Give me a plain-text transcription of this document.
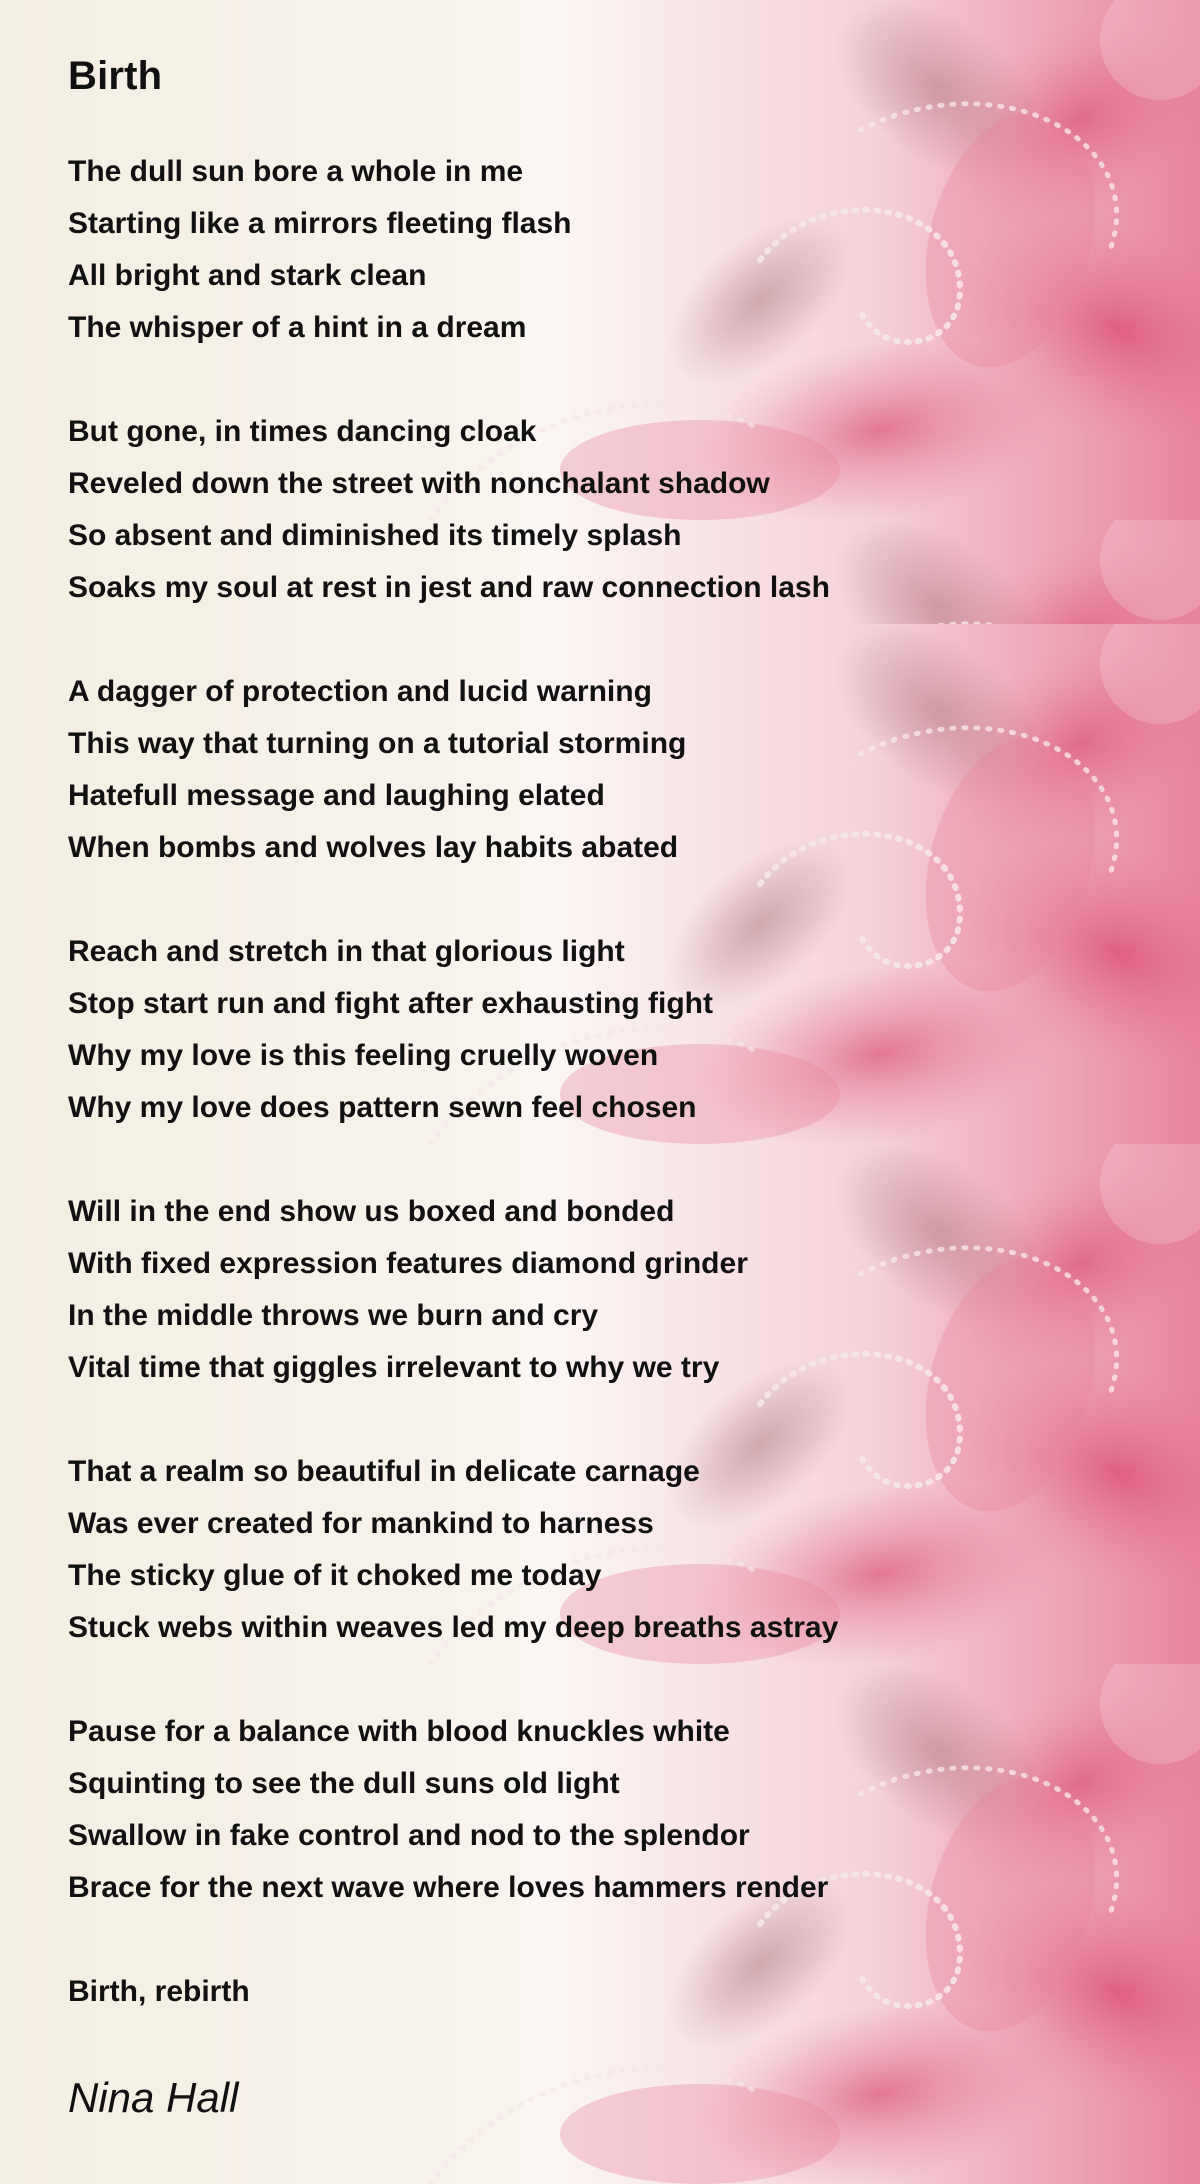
Birth
The dull sun bore a whole in me
Starting like a mirrors fleeting flash
All bright and stark clean
The whisper of a hint in a dream
But gone, in times dancing cloak
Reveled down the street with nonchalant shadow
So absent and diminished its timely splash
Soaks my soul at rest in jest and raw connection lash
A dagger of protection and lucid warning
This way that turning on a tutorial storming
Hatefull message and laughing elated
When bombs and wolves lay habits abated
Reach and stretch in that glorious light
Stop start run and fight after exhausting fight
Why my love is this feeling cruelly woven
Why my love does pattern sewn feel chosen
Will in the end show us boxed and bonded
With fixed expression features diamond grinder
In the middle throws we burn and cry
Vital time that giggles irrelevant to why we try
That a realm so beautiful in delicate carnage
Was ever created for mankind to harness
The sticky glue of it choked me today
Stuck webs within weaves led my deep breaths astray
Pause for a balance with blood knuckles white
Squinting to see the dull suns old light
Swallow in fake control and nod to the splendor
Brace for the next wave where loves hammers render
Birth, rebirth
Nina Hall
